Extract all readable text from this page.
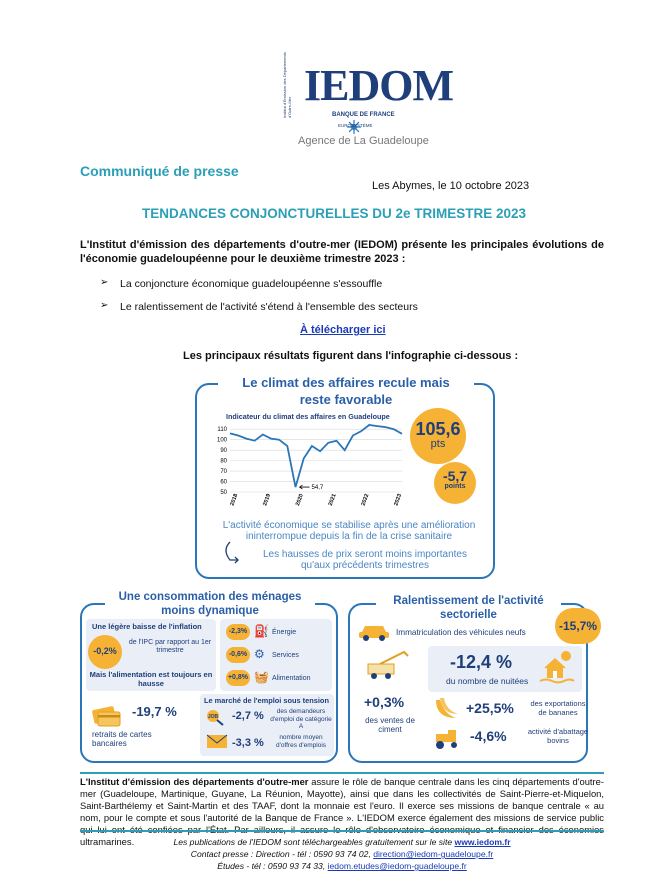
Institut d'Émission des Départements d'Outre-Mer IEDOM
BANQUE DE FRANCE
EUROSYSTÈME
Agence de La Guadeloupe
Communiqué de presse
Les Abymes, le 10 octobre 2023
TENDANCES CONJONCTURELLES DU 2e TRIMESTRE 2023

L'Institut d'émission des départements d'outre-mer (IEDOM) présente les principales évolutions de l'économie guadeloupéenne pour le deuxième trimestre 2023 :

➢ La conjoncture économique guadeloupéenne s'essouffle
➢ Le ralentissement de l'activité s'étend à l'ensemble des secteurs
À télécharger ici
Les principaux résultats figurent dans l'infographie ci-dessous :
Le climat des affaires recule mais
reste favorable
Indicateur du climat des affaires en Guadeloupe
50
60
70
80
90
100
110
2018	2019	2020	2021	2022	2023
54,7
105,6
pts
-5,7
points
L'activité économique se stabilise après une amélioration
ininterrompue depuis la fin de la crise sanitaire
Les hausses de prix seront moins importantes
qu'aux précédents trimestres
Une consommation des ménages
moins dynamique
Une légère baisse de l'inflation
-0,2%
de l'IPC par rapport au 1er trimestre
Mais l'alimentation est toujours en hausse
-2,3% ⛽ Énergie
-0,6% ⚙ Services
+0,8% 🧺 Alimentation
-19,7 %
retraits de cartes bancaires
Le marché de l'emploi sous tension
JOB -2,7 %	des demandeurs d'emploi de catégorie A
-3,3 %	nombre moyen d'offres d'emplois
Ralentissement de l'activité
sectorielle
Immatriculation des véhicules neufs	-15,7%
-12,4 %
du nombre de nuitées
+0,3%
des ventes de ciment
+25,5%	des exportations de bananes
-4,6%	activité d'abattage bovins

L'Institut d'émission des départements d'outre-mer assure le rôle de banque centrale dans les cinq départements d'outre-mer (Guadeloupe, Martinique, Guyane, La Réunion, Mayotte), ainsi que dans les collectivités de Saint-Pierre-et-Miquelon, Saint-Barthélemy et Saint-Martin et des TAAF, dont la monnaie est l'euro. Il exerce ses missions de banque centrale « au nom, pour le compte et sous l'autorité de la Banque de France ». L'IEDOM exerce également des missions de service public ultramarines.	Les publications de l'IEDOM sont téléchargeables gratuitement sur le site www.iedom.fr
Contact presse : Direction - tél : 0590 93 74 02, direction@iedom-guadeloupe.fr
Études - tél : 0590 93 74 33, iedom.etudes@iedom-guadeloupe.fr
